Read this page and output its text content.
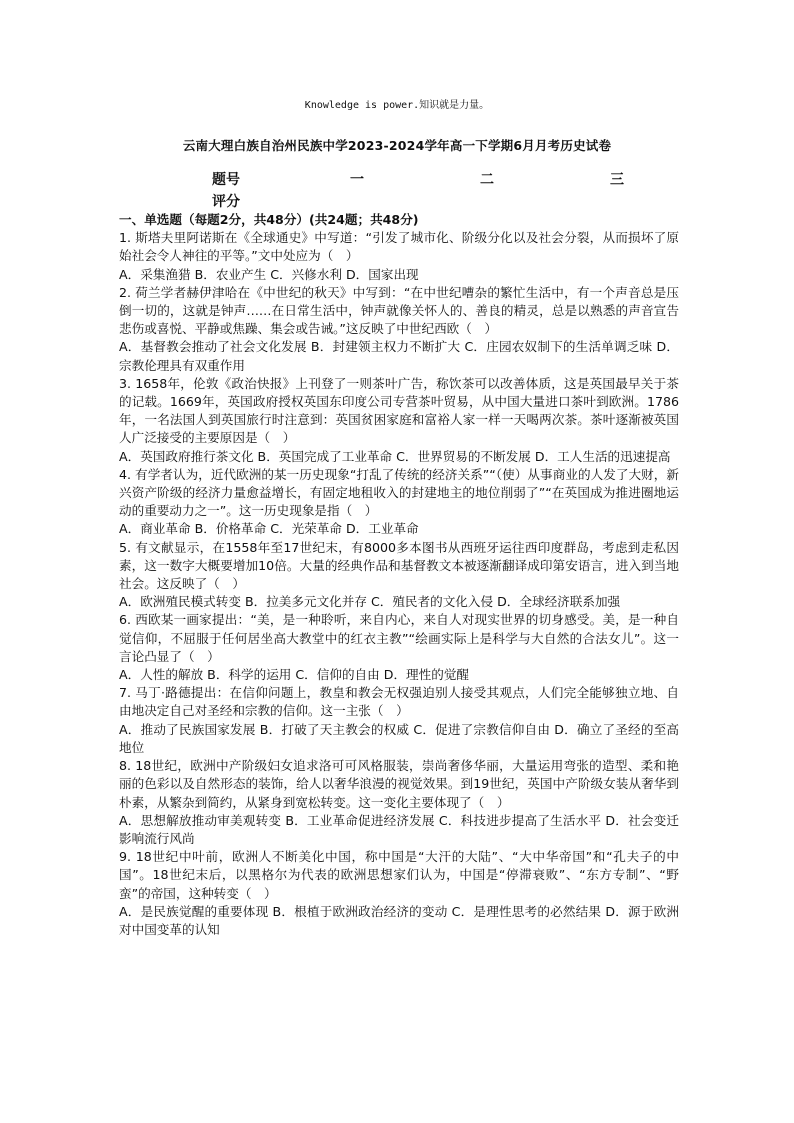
Knowledge is power.知识就是力量。
云南大理白族自治州民族中学2023-2024学年高一下学期6月月考历史试卷
题号	一	二	三
评分			

一、单选题（每题2分，共48分）(共24题；共48分)

1. 斯塔夫里阿诺斯在《全球通史》中写道：“引发了城市化、阶级分化以及社会分裂，从而损坏了原始社会令人神往的平等。”文中处应为（　）

A．采集渔猎 B．农业产生 C．兴修水利 D．国家出现

2. 荷兰学者赫伊津哈在《中世纪的秋天》中写到：“在中世纪嘈杂的繁忙生活中，有一个声音总是压倒一切的，这就是钟声……在日常生活中，钟声就像关怀人的、善良的精灵，总是以熟悉的声音宣告悲伤或喜悦、平静或焦躁、集会或告诫。”这反映了中世纪西欧（　）

A．基督教会推动了社会文化发展 B．封建领主权力不断扩大 C．庄园农奴制下的生活单调乏味 D．宗教伦理具有双重作用

3. 1658年，伦敦《政治快报》上刊登了一则茶叶广告，称饮茶可以改善体质，这是英国最早关于茶的记载。1669年，英国政府授权英国东印度公司专营茶叶贸易，从中国大量进口茶叶到欧洲。1786年，一名法国人到英国旅行时注意到：英国贫困家庭和富裕人家一样一天喝两次茶。茶叶逐渐被英国人广泛接受的主要原因是（　）

A．英国政府推行茶文化 B．英国完成了工业革命 C．世界贸易的不断发展 D．工人生活的迅速提高

4. 有学者认为，近代欧洲的某一历史现象“打乱了传统的经济关系”“（使）从事商业的人发了大财，新兴资产阶级的经济力量愈益增长，有固定地租收入的封建地主的地位削弱了”“在英国成为推进圈地运动的重要动力之一”。这一历史现象是指（　）

A．商业革命 B．价格革命 C．光荣革命 D．工业革命

5. 有文献显示，在1558年至17世纪末，有8000多本图书从西班牙运往西印度群岛，考虑到走私因素，这一数字大概要增加10倍。大量的经典作品和基督教文本被逐渐翻译成印第安语言，进入到当地社会。这反映了（　）

A．欧洲殖民模式转变 B．拉美多元文化并存 C．殖民者的文化入侵 D．全球经济联系加强

6. 西欧某一画家提出：“美，是一种聆听，来自内心，来自人对现实世界的切身感受。美，是一种自觉信仰，不屈服于任何居坐高大教堂中的红衣主教”“绘画实际上是科学与大自然的合法女儿”。这一言论凸显了（　）

A．人性的解放 B．科学的运用 C．信仰的自由 D．理性的觉醒

7. 马丁·路德提出：在信仰问题上，教皇和教会无权强迫别人接受其观点，人们完全能够独立地、自由地决定自己对圣经和宗教的信仰。这一主张（　）

A．推动了民族国家发展 B．打破了天主教会的权威 C．促进了宗教信仰自由 D．确立了圣经的至高地位

8. 18世纪，欧洲中产阶级妇女追求洛可可风格服装，崇尚奢侈华丽，大量运用弯张的造型、柔和艳丽的色彩以及自然形态的装饰，给人以奢华浪漫的视觉效果。到19世纪，英国中产阶级女装从奢华到朴素，从繁杂到简约，从紧身到宽松转变。这一变化主要体现了（　）

A．思想解放推动审美观转变 B．工业革命促进经济发展 C．科技进步提高了生活水平 D．社会变迁影响流行风尚

9. 18世纪中叶前，欧洲人不断美化中国，称中国是“大汗的大陆”、“大中华帝国”和“孔夫子的中国”。18世纪末后，以黑格尔为代表的欧洲思想家们认为，中国是“停滞衰败”、“东方专制”、“野蛮”的帝国，这种转变（　）

A．是民族觉醒的重要体现 B．根植于欧洲政治经济的变动 C．是理性思考的必然结果 D．源于欧洲对中国变革的认知
